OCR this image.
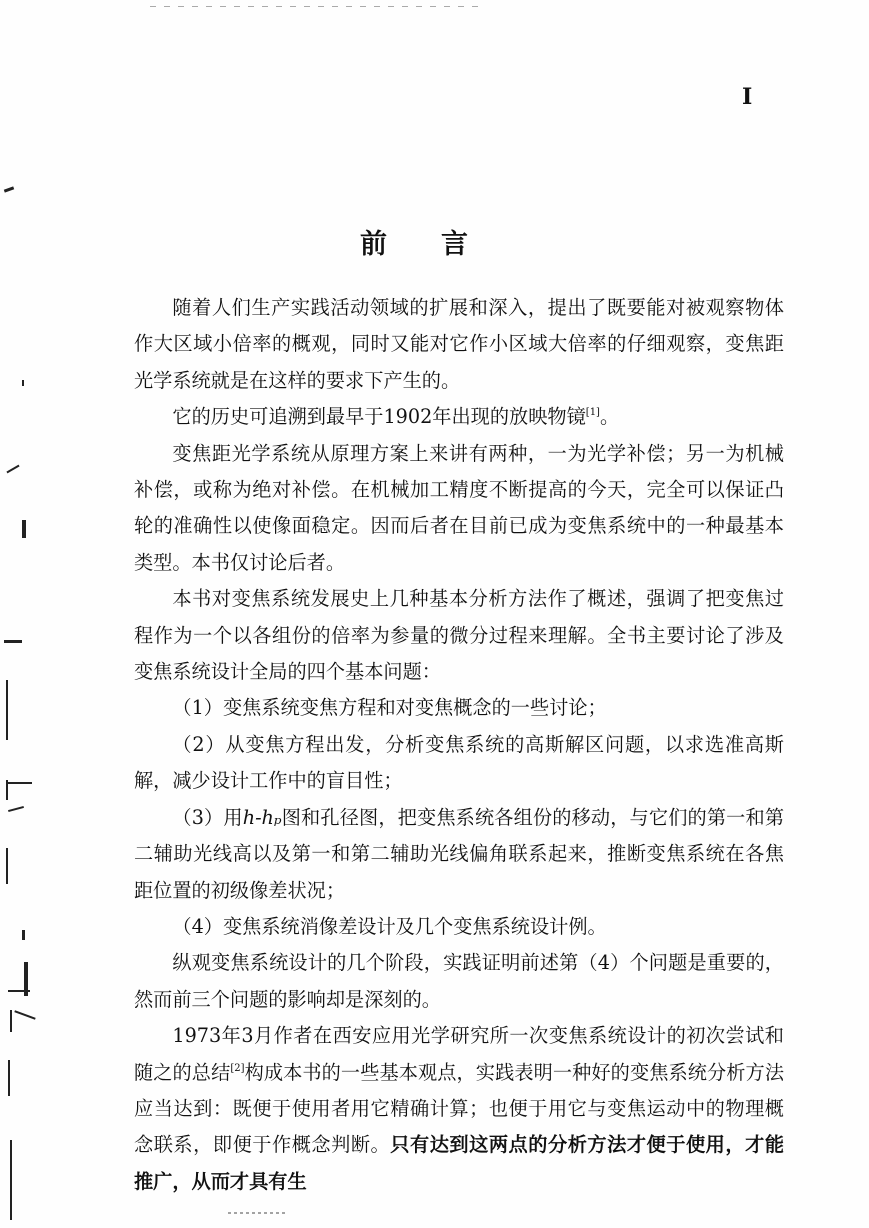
I
前言

随着人们生产实践活动领域的扩展和深入，提出了既要能对被观察物体作大区域小倍率的概观，同时又能对它作小区域大倍率的仔细观察，变焦距光学系统就是在这样的要求下产生的。

它的历史可追溯到最早于1902年出现的放映物镜[1]。

变焦距光学系统从原理方案上来讲有两种，一为光学补偿；另一为机械补偿，或称为绝对补偿。在机械加工精度不断提高的今天，完全可以保证凸轮的准确性以使像面稳定。因而后者在目前已成为变焦系统中的一种最基本类型。本书仅讨论后者。

本书对变焦系统发展史上几种基本分析方法作了概述，强调了把变焦过程作为一个以各组份的倍率为参量的微分过程来理解。全书主要讨论了涉及变焦系统设计全局的四个基本问题：

（1）变焦系统变焦方程和对变焦概念的一些讨论；

（2）从变焦方程出发，分析变焦系统的高斯解区问题，以求选准高斯解，减少设计工作中的盲目性；

（3）用h-hₚ图和孔径图，把变焦系统各组份的移动，与它们的第一和第二辅助光线高以及第一和第二辅助光线偏角联系起来，推断变焦系统在各焦距位置的初级像差状况；

（4）变焦系统消像差设计及几个变焦系统设计例。

纵观变焦系统设计的几个阶段，实践证明前述第（4）个问题是重要的，然而前三个问题的影响却是深刻的。

1973年3月作者在西安应用光学研究所一次变焦系统设计的初次尝试和随之的总结[2]构成本书的一些基本观点，实践表明一种好的变焦系统分析方法应当达到：既便于使用者用它精确计算；也便于用它与变焦运动中的物理概念联系，即便于作概念判断。只有达到这两点的分析方法才便于使用，才能推广，从而才具有生
